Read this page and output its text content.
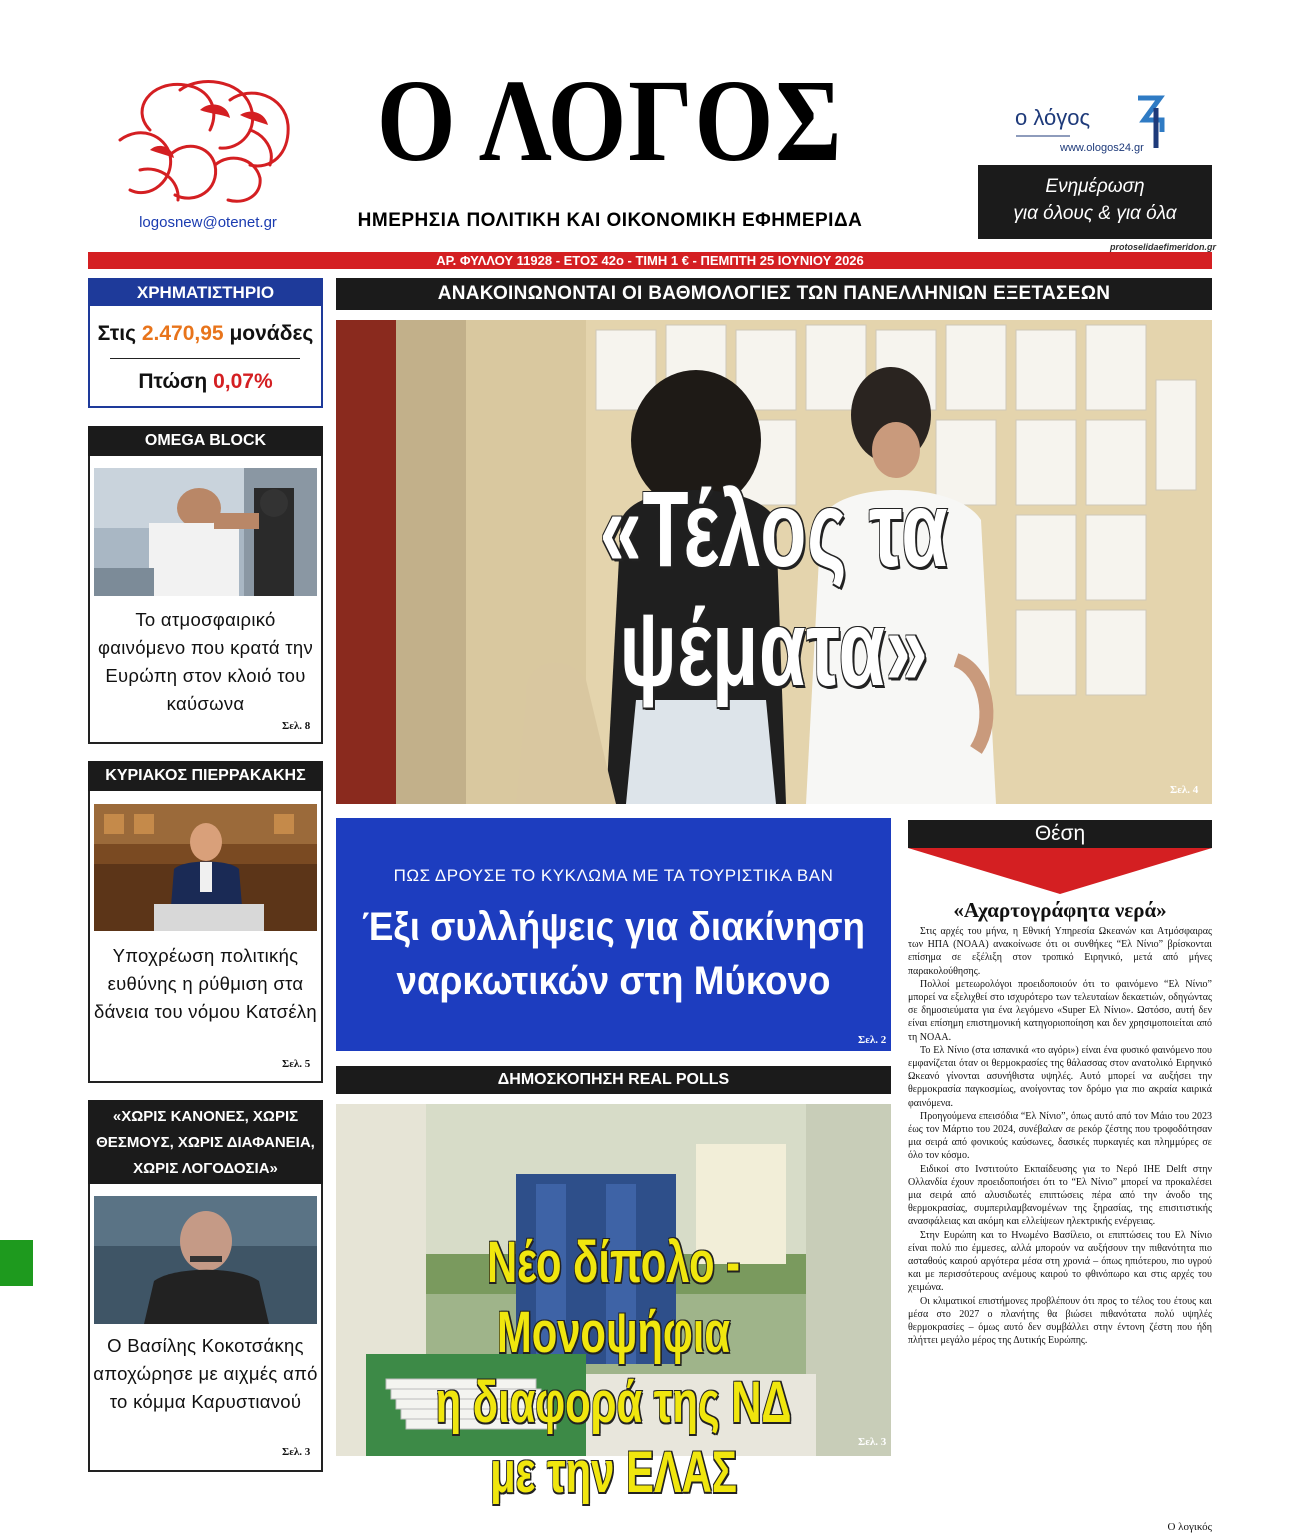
logosnew@otenet.gr
Ο ΛΟΓΟΣ
ΗΜΕΡΗΣΙΑ ΠΟΛΙΤΙΚΗ ΚΑΙ ΟΙΚΟΝΟΜΙΚΗ ΕΦΗΜΕΡΙΔΑ
ο λόγος
www.ologos24.gr
Ενημέρωση
για όλους & για όλα
protoselidaefimeridon.gr
ΑΡ. ΦΥΛΛΟΥ 11928 - ΕΤΟΣ 42ο - ΤΙΜΗ 1 € - ΠΕΜΠΤΗ 25 ΙΟΥΝΙΟΥ 2026
ΧΡΗΜΑΤΙΣΤΗΡΙΟ
Στις 2.470,95 μονάδες
Πτώση 0,07%
OMEGA BLOCK
Το ατμοσφαιρικό φαινόμενο που κρατά την Ευρώπη στον κλοιό του καύσωνα
Σελ. 8
ΚΥΡΙΑΚΟΣ ΠΙΕΡΡΑΚΑΚΗΣ
Υποχρέωση πολιτικής ευθύνης η ρύθμιση στα δάνεια του νόμου Κατσέλη
Σελ. 5
«ΧΩΡΙΣ ΚΑΝΟΝΕΣ, ΧΩΡΙΣ
ΘΕΣΜΟΥΣ, ΧΩΡΙΣ ΔΙΑΦΑΝΕΙΑ,
ΧΩΡΙΣ ΛΟΓΟΔΟΣΙΑ»
Ο Βασίλης Κοκοτσάκης αποχώρησε με αιχμές από το κόμμα Καρυστιανού
Σελ. 3
ΑΝΑΚΟΙΝΩΝΟΝΤΑΙ ΟΙ ΒΑΘΜΟΛΟΓΙΕΣ ΤΩΝ ΠΑΝΕΛΛΗΝΙΩΝ ΕΞΕΤΑΣΕΩΝ
«Τέλος τα ψέματα»
Σελ. 4
ΠΩΣ ΔΡΟΥΣΕ ΤΟ ΚΥΚΛΩΜΑ ΜΕ ΤΑ ΤΟΥΡΙΣΤΙΚΑ ΒΑΝ
Έξι συλλήψεις για διακίνηση
ναρκωτικών στη Μύκονο
Σελ. 2
ΔΗΜΟΣΚΟΠΗΣΗ REAL POLLS
Νέο δίπολο - Μονοψήφια
η διαφορά της ΝΔ με την ΕΛΑΣ	Σελ. 3
Θέση
«Αχαρτογράφητα νερά»

Στις αρχές του μήνα, η Εθνική Υπηρεσία Ωκεανών και Ατμόσφαιρας των ΗΠΑ (NOAA) ανακοίνωσε ότι οι συνθήκες “Ελ Νίνιο” βρίσκονται επίσημα σε εξέλιξη στον τροπικό Ειρηνικό, μετά από μήνες παρακολούθησης.

Πολλοί μετεωρολόγοι προειδοποιούν ότι το φαινόμενο “Ελ Νίνιο” μπορεί να εξελιχθεί στο ισχυρότερο των τελευταίων δεκαετιών, οδηγώντας σε δημοσιεύματα για ένα λεγόμενο «Super Ελ Νίνιο». Ωστόσο, αυτή δεν είναι επίσημη επιστημονική κατηγοριοποίηση και δεν χρησιμοποιείται από τη NOAA.

Το Ελ Νίνιο (στα ισπανικά «το αγόρι») είναι ένα φυσικό φαινόμενο που εμφανίζεται όταν οι θερμοκρασίες της θάλασσας στον ανατολικό Ειρηνικό Ωκεανό γίνονται ασυνήθιστα υψηλές. Αυτό μπορεί να αυξήσει την θερμοκρασία παγκοσμίως, ανοίγοντας τον δρόμο για πιο ακραία καιρικά φαινόμενα.

Προηγούμενα επεισόδια “Ελ Νίνιο”, όπως αυτό από τον Μάιο του 2023 έως τον Μάρτιο του 2024, συνέβαλαν σε ρεκόρ ζέστης που τροφοδότησαν μια σειρά από φονικούς καύσωνες, δασικές πυρκαγιές και πλημμύρες σε όλο τον κόσμο.

Ειδικοί στο Ινστιτούτο Εκπαίδευσης για το Νερό IHE Delft στην Ολλανδία έχουν προειδοποιήσει ότι το “Ελ Νίνιο” μπορεί να προκαλέσει μια σειρά από αλυσιδωτές επιπτώσεις πέρα από την άνοδο της θερμοκρασίας, συμπεριλαμβανομένων της ξηρασίας, της επισιτιστικής ανασφάλειας και ακόμη και ελλείψεων ηλεκτρικής ενέργειας.

Στην Ευρώπη και το Ηνωμένο Βασίλειο, οι επιπτώσεις του Ελ Νίνιο είναι πολύ πιο έμμεσες, αλλά μπορούν να αυξήσουν την πιθανότητα πιο ασταθούς καιρού αργότερα μέσα στη χρονιά – όπως ηπιότερου, πιο υγρού και με περισσότερους ανέμους καιρού το φθινόπωρο και στις αρχές του χειμώνα.

Οι κλιματικοί επιστήμονες προβλέπουν ότι προς το τέλος του έτους και μέσα στο 2027 ο πλανήτης θα βιώσει πιθανότατα πολύ υψηλές θερμοκρασίες – όμως αυτό δεν συμβάλλει στην έντονη ζέστη που ήδη πλήττει μεγάλο μέρος της Δυτικής Ευρώπης.

Ο λογικός
